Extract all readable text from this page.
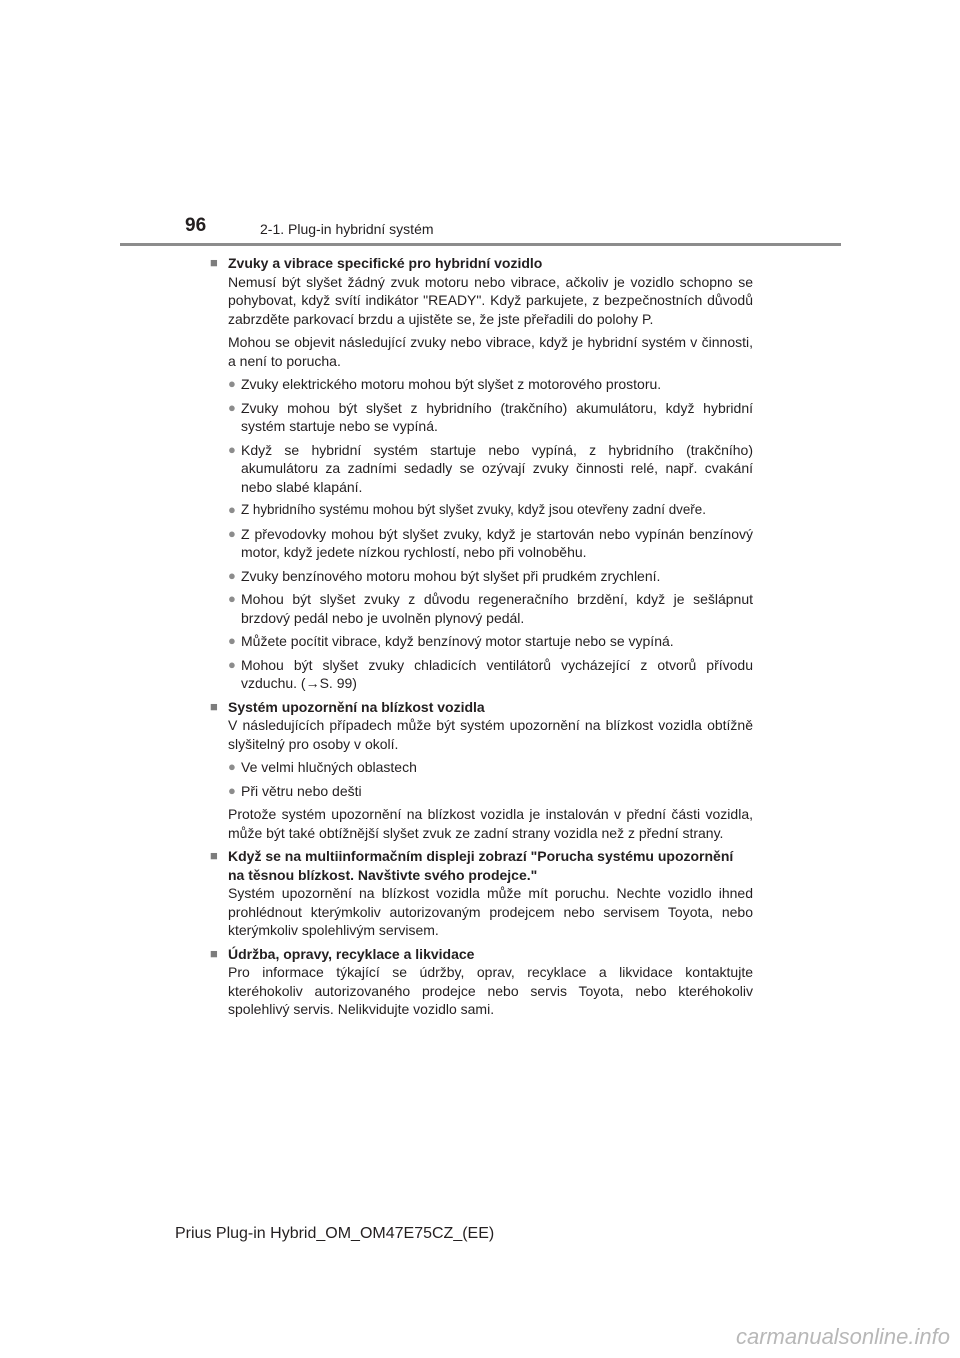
96	2-1. Plug-in hybridní systém

■ Zvuky a vibrace specifické pro hybridní vozidlo

Nemusí být slyšet žádný zvuk motoru nebo vibrace, ačkoliv je vozidlo schopno se pohybovat, když svítí indikátor "READY". Když parkujete, z bezpečnostních důvodů zabrzděte parkovací brzdu a ujistěte se, že jste přeřadili do polohy P.

Mohou se objevit následující zvuky nebo vibrace, když je hybridní systém v činnosti, a není to porucha.

● Zvuky elektrického motoru mohou být slyšet z motorového prostoru.
● Zvuky mohou být slyšet z hybridního (trakčního) akumulátoru, když hybridní systém startuje nebo se vypíná.
● Když se hybridní systém startuje nebo vypíná, z hybridního (trakčního) akumulátoru za zadními sedadly se ozývají zvuky činnosti relé, např. cvakání nebo slabé klapání.
● Z hybridního systému mohou být slyšet zvuky, když jsou otevřeny zadní dveře.
● Z převodovky mohou být slyšet zvuky, když je startován nebo vypínán benzínový motor, když jedete nízkou rychlostí, nebo při volnoběhu.
● Zvuky benzínového motoru mohou být slyšet při prudkém zrychlení.
● Mohou být slyšet zvuky z důvodu regeneračního brzdění, když je sešlápnut brzdový pedál nebo je uvolněn plynový pedál.
● Můžete pocítit vibrace, když benzínový motor startuje nebo se vypíná.
● Mohou být slyšet zvuky chladicích ventilátorů vycházející z otvorů přívodu vzduchu. (→S. 99)
■ Systém upozornění na blízkost vozidla

V následujících případech může být systém upozornění na blízkost vozidla obtížně slyšitelný pro osoby v okolí.

● Ve velmi hlučných oblastech
● Při větru nebo dešti

Protože systém upozornění na blízkost vozidla je instalován v přední části vozidla, může být také obtížnější slyšet zvuk ze zadní strany vozidla než z přední strany.

■ Když se na multiinformačním displeji zobrazí "Porucha systému upozornění na těsnou blízkost. Navštivte svého prodejce."

Systém upozornění na blízkost vozidla může mít poruchu. Nechte vozidlo ihned prohlédnout kterýmkoliv autorizovaným prodejcem nebo servisem Toyota, nebo kterýmkoliv spolehlivým servisem.

■ Údržba, opravy, recyklace a likvidace

Pro informace týkající se údržby, oprav, recyklace a likvidace kontaktujte kteréhokoliv autorizovaného prodejce nebo servis Toyota, nebo kteréhokoliv spolehlivý servis. Nelikvidujte vozidlo sami.

Prius Plug-in Hybrid_OM_OM47E75CZ_(EE)

carmanualsonline.info
